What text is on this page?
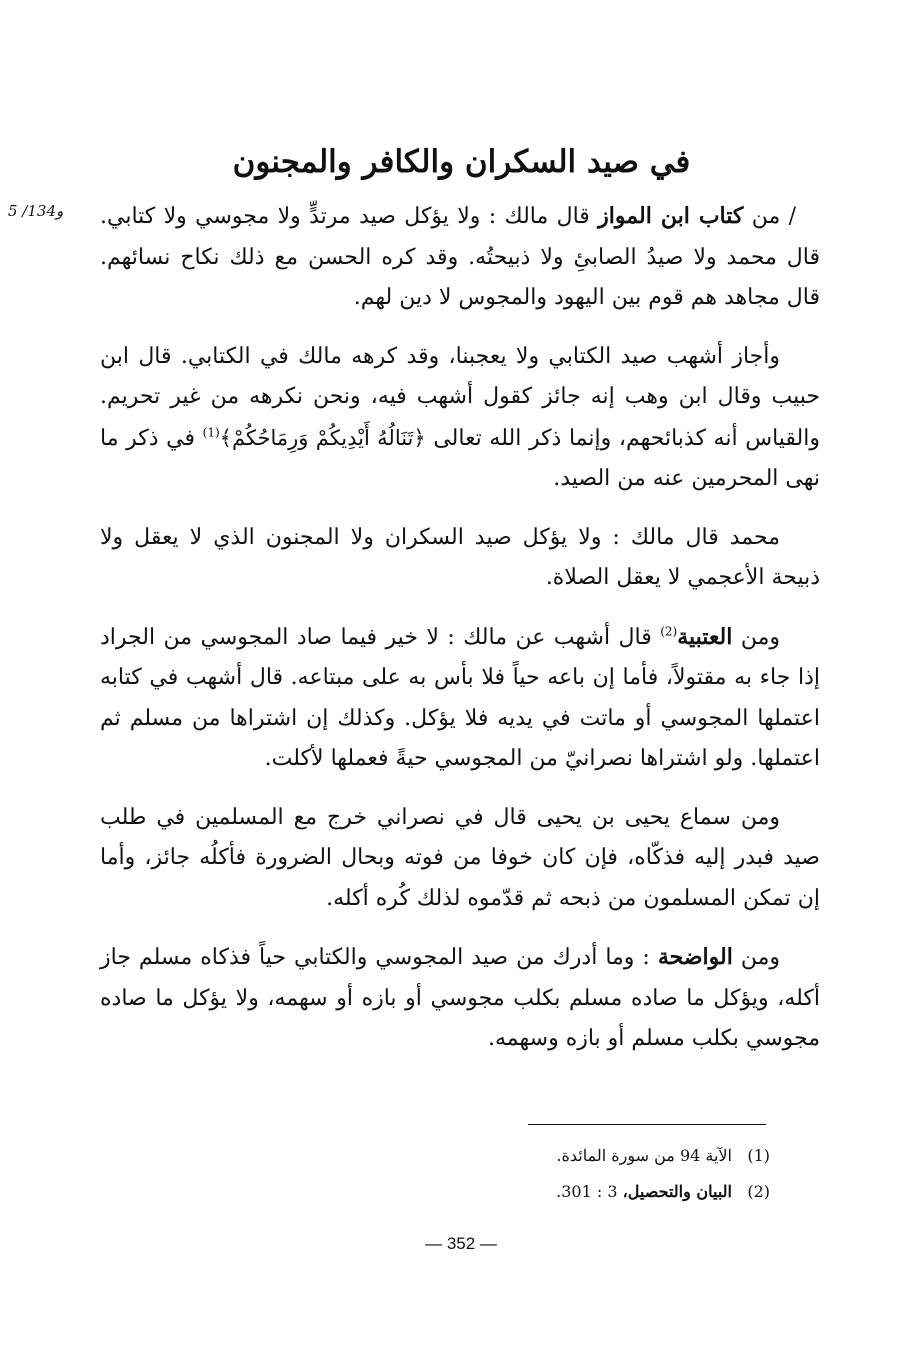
في صيد السكران والكافر والمجنون
5 /134و	/ من كتاب ابن المواز قال مالك : ولا يؤكل صيد مرتدٍّ ولا مجوسي ولا كتابي. قال محمد ولا صيدُ الصابئِ ولا ذبيحتُه. وقد كره الحسن مع ذلك نكاح نسائهم. قال مجاهد هم قوم بين اليهود والمجوس لا دين لهم.

وأجاز أشهب صيد الكتابي ولا يعجبنا، وقد كرهه مالك في الكتابي. قال ابن حبيب وقال ابن وهب إنه جائز كقول أشهب فيه، ونحن نكرهه من غير تحريم. والقياس أنه كذبائحهم، وإنما ذكر الله تعالى ﴿تَنَالُهُ أَيْدِيكُمْ وَرِمَاحُكُمْ﴾$^{(1)}$ في ذكر ما نهى المحرمين عنه من الصيد.

محمد قال مالك : ولا يؤكل صيد السكران ولا المجنون الذي لا يعقل ولا ذبيحة الأعجمي لا يعقل الصلاة.

ومن العتبية$^{(2)}$ قال أشهب عن مالك : لا خير فيما صاد المجوسي من الجراد إذا جاء به مقتولاً، فأما إن باعه حياً فلا بأس به على مبتاعه. قال أشهب في كتابه اعتملها المجوسي أو ماتت في يديه فلا يؤكل. وكذلك إن اشتراها من مسلم ثم اعتملها. ولو اشتراها نصرانيّ من المجوسي حيةً فعملها لأكلت.

ومن سماع يحيى بن يحيى قال في نصراني خرج مع المسلمين في طلب صيد فبدر إليه فذكّاه، فإن كان خوفا من فوته وبحال الضرورة فأكلُه جائز، وأما إن تمكن المسلمون من ذبحه ثم قدّموه لذلك كُره أكله.

ومن الواضحة : وما أدرك من صيد المجوسي والكتابي حياً فذكاه مسلم جاز أكله، ويؤكل ما صاده مسلم بكلب مجوسي أو بازه أو سهمه، ولا يؤكل ما صاده مجوسي بكلب مسلم أو بازه وسهمه.

(1)الآية 94 من سورة المائدة.

(2)البيان والتحصيل، 3 : 301.

— 352 —
